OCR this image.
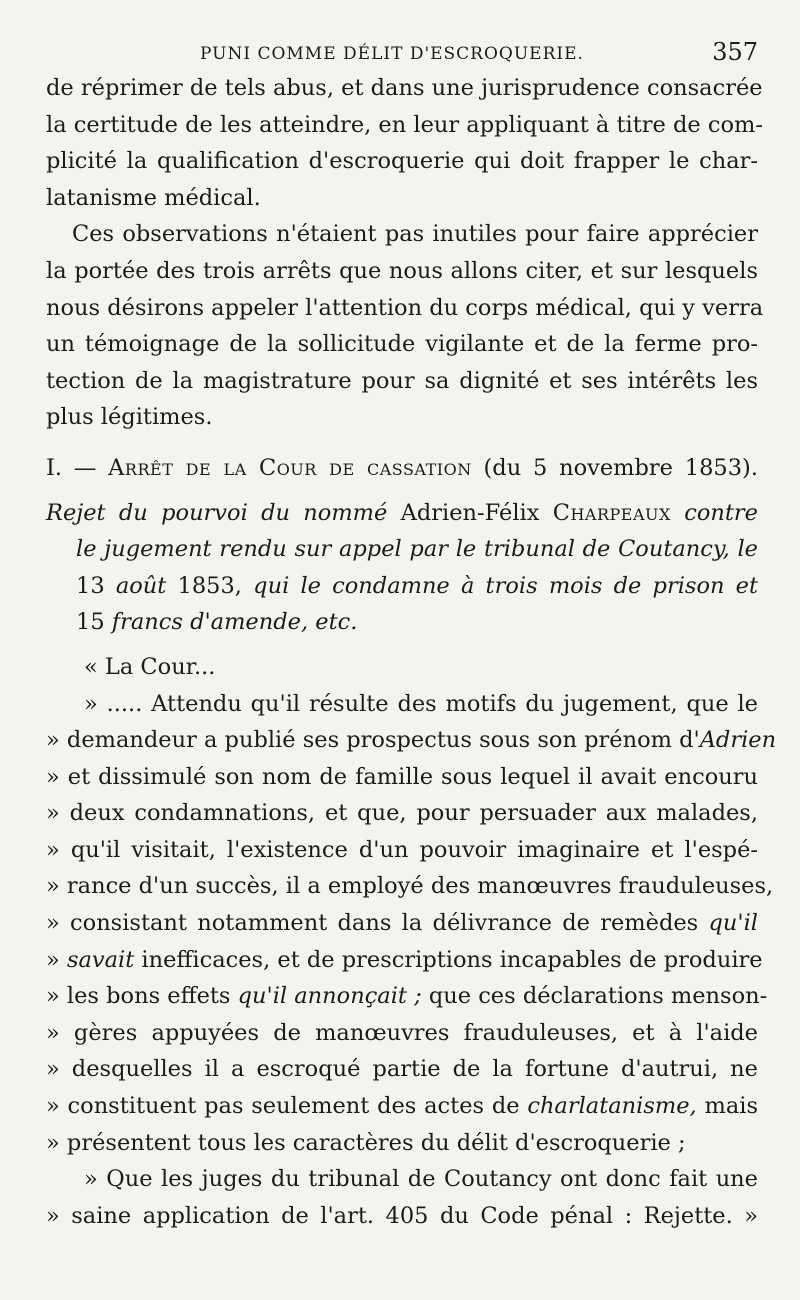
PUNI COMME DÉLIT D'ESCROQUERIE.	357
de réprimer de tels abus, et dans une jurisprudence consacrée
la certitude de les atteindre, en leur appliquant à titre de com-
plicité la qualification d'escroquerie qui doit frapper le char-
latanisme médical.
Ces observations n'étaient pas inutiles pour faire apprécier
la portée des trois arrêts que nous allons citer, et sur lesquels
nous désirons appeler l'attention du corps médical, qui y verra
un témoignage de la sollicitude vigilante et de la ferme pro-
tection de la magistrature pour sa dignité et ses intérêts les
plus légitimes.
I. — Arrêt de la Cour de cassation (du 5 novembre 1853).
Rejet du pourvoi du nommé Adrien-Félix Charpeaux contre
le jugement rendu sur appel par le tribunal de Coutancy, le
13 août 1853, qui le condamne à trois mois de prison et
15 francs d'amende, etc.
« La Cour...
» ..... Attendu qu'il résulte des motifs du jugement, que le
» demandeur a publié ses prospectus sous son prénom d'Adrien
» et dissimulé son nom de famille sous lequel il avait encouru
» deux condamnations, et que, pour persuader aux malades,
» qu'il visitait, l'existence d'un pouvoir imaginaire et l'espé-
» rance d'un succès, il a employé des manœuvres frauduleuses,
» consistant notamment dans la délivrance de remèdes qu'il
» savait inefficaces, et de prescriptions incapables de produire
» les bons effets qu'il annonçait ; que ces déclarations menson-
» gères appuyées de manœuvres frauduleuses, et à l'aide
» desquelles il a escroqué partie de la fortune d'autrui, ne
» constituent pas seulement des actes de charlatanisme, mais
» présentent tous les caractères du délit d'escroquerie ;
» Que les juges du tribunal de Coutancy ont donc fait une
» saine application de l'art. 405 du Code pénal : Rejette. »
